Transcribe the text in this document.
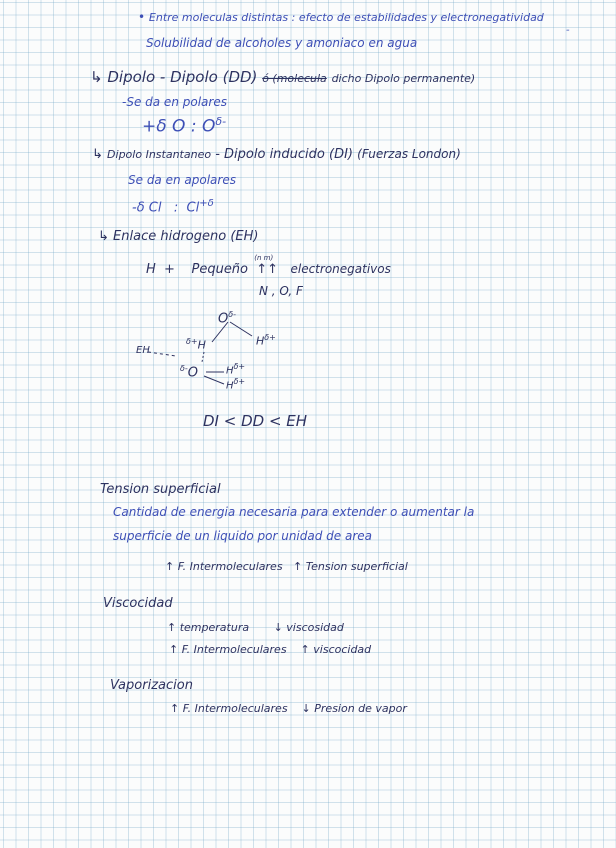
• Entre moleculas distintas : efecto de estabilidades y electronegatividad
-
Solubilidad de alcoholes y amoniaco en agua
↳ Dipolo - Dipolo (DD) ó (molecula dicho Dipolo permanente)
-Se da en polares
+δ O : $O^{\delta-}$
↳ Dipolo Instantaneo - Dipolo inducido (DI) (Fuerzas London)
Se da en apolares
-δ Cl : $Cl^{+\delta}$
↳ Enlace hidrogeno (EH)
H + Pequeño
(n m)
↑↑ electronegativos
N , O, F
$O^{\delta-}$
$H^{\delta+}$
$^{\delta+}$H
$^{\delta-}$O	$H^{\delta+}$
$H^{\delta+}$
EH
DI < DD < EH
Tension superficial
Cantidad de energia necesaria para extender o aumentar la
superficie de un liquido por unidad de area
↑ F. Intermoleculares ↑ Tension superficial
Viscocidad
↑ temperatura ↓ viscosidad
↑ F. Intermoleculares ↑ viscocidad
Vaporizacion
↑ F. Intermoleculares ↓ Presion de vapor
